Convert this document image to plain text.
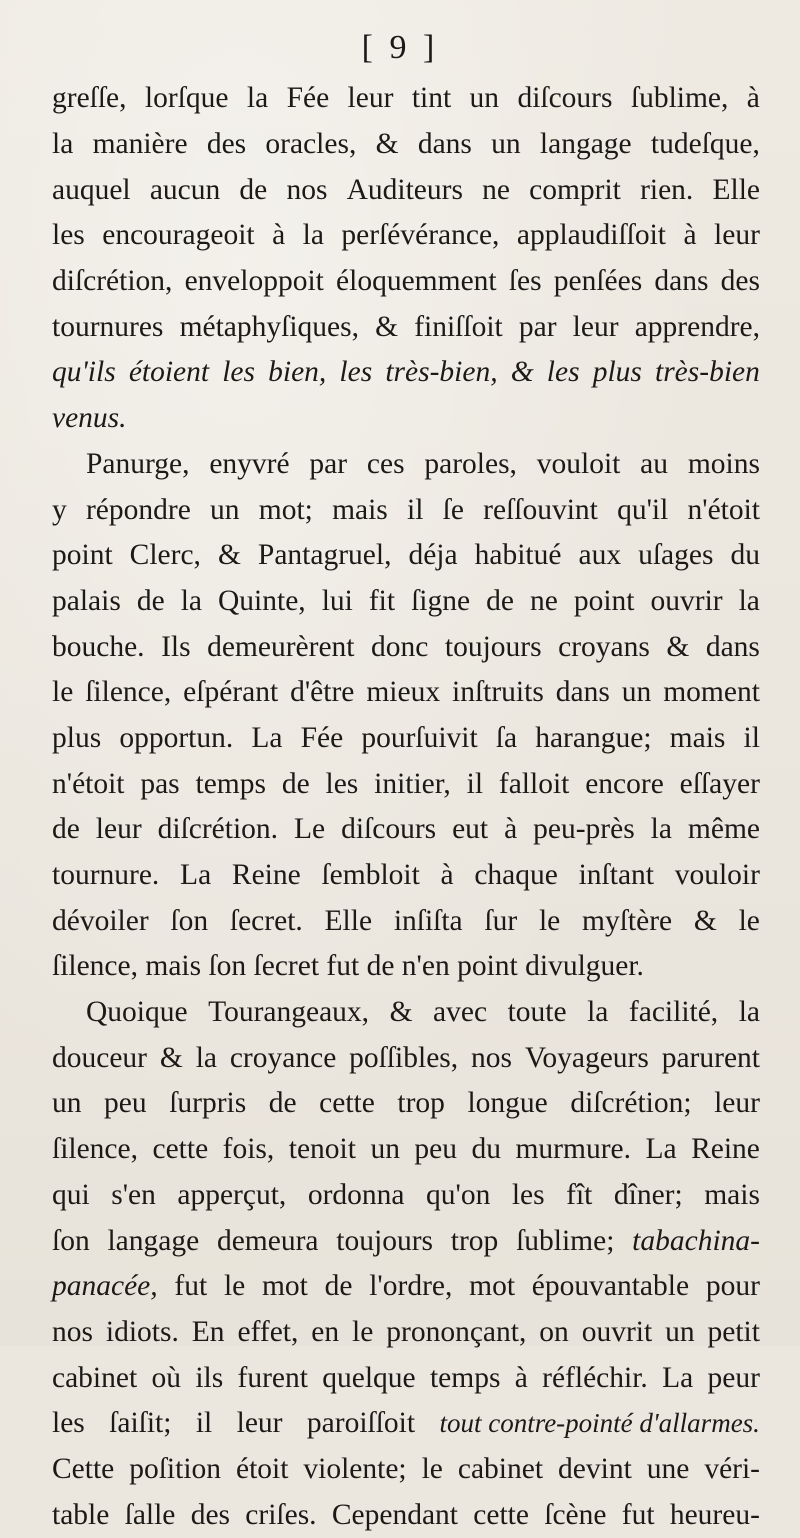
[ 9 ]
greſſe, lorſque la Fée leur tint un diſcours ſublime, à
la manière des oracles, & dans un langage tudeſque,
auquel aucun de nos Auditeurs ne comprit rien. Elle
les encourageoit à la perſévérance, applaudiſſoit à leur
diſcrétion, enveloppoit éloquemment ſes penſées dans des
tournures métaphyſiques, & finiſſoit par leur apprendre,
qu'ils étoient les bien, les très-bien, & les plus très-bien
venus.
Panurge, enyvré par ces paroles, vouloit au moins
y répondre un mot; mais il ſe reſſouvint qu'il n'étoit
point Clerc, & Pantagruel, déja habitué aux uſages du
palais de la Quinte, lui fit ſigne de ne point ouvrir la
bouche. Ils demeurèrent donc toujours croyans & dans
le ſilence, eſpérant d'être mieux inſtruits dans un moment
plus opportun. La Fée pourſuivit ſa harangue; mais il
n'étoit pas temps de les initier, il falloit encore eſſayer
de leur diſcrétion. Le diſcours eut à peu-près la même
tournure. La Reine ſembloit à chaque inſtant vouloir
dévoiler ſon ſecret. Elle inſiſta ſur le myſtère & le
ſilence,
mais
ſon
ſecret
fut
de
n'en
point
divulguer.
Quoique Tourangeaux, & avec toute la facilité, la
douceur & la croyance poſſibles, nos Voyageurs parurent
un peu ſurpris de cette trop longue diſcrétion; leur
ſilence, cette fois, tenoit un peu du murmure. La Reine
qui s'en apperçut, ordonna qu'on les fît dîner; mais
ſon langage demeura toujours trop ſublime; tabachina-
panacée, fut le mot de l'ordre, mot épouvantable pour
nos idiots. En effet, en le prononçant, on ouvrit un petit
cabinet où ils furent quelque temps à réfléchir. La peur
les ſaiſit; il leur paroiſſoit tout contre-pointé d'allarmes.
Cette poſition étoit violente; le cabinet devint une véri-
table ſalle des criſes. Cependant cette ſcène fut heureu-
